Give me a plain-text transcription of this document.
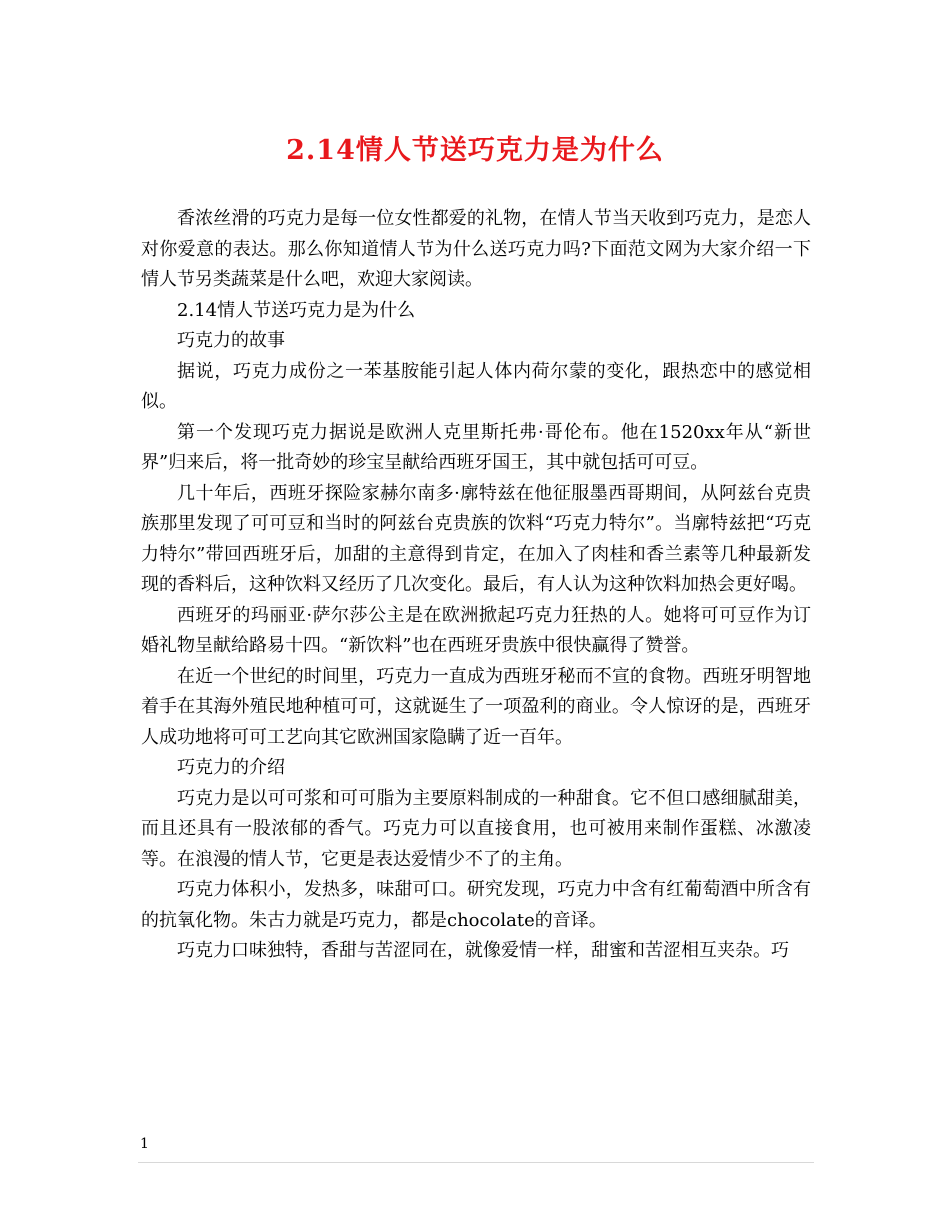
2.14情人节送巧克力是为什么

香浓丝滑的巧克力是每一位女性都爱的礼物，在情人节当天收到巧克力，是恋人对你爱意的表达。那么你知道情人节为什么送巧克力吗?下面范文网为大家介绍一下情人节另类蔬菜是什么吧，欢迎大家阅读。

2.14情人节送巧克力是为什么

巧克力的故事

据说，巧克力成份之一苯基胺能引起人体内荷尔蒙的变化，跟热恋中的感觉相似。

第一个发现巧克力据说是欧洲人克里斯托弗·哥伦布。他在1520xx年从“新世界”归来后，将一批奇妙的珍宝呈献给西班牙国王，其中就包括可可豆。

几十年后，西班牙探险家赫尔南多·廓特兹在他征服墨西哥期间，从阿兹台克贵族那里发现了可可豆和当时的阿兹台克贵族的饮料“巧克力特尔”。当廓特兹把“巧克力特尔”带回西班牙后，加甜的主意得到肯定，在加入了肉桂和香兰素等几种最新发现的香料后，这种饮料又经历了几次变化。最后，有人认为这种饮料加热会更好喝。

西班牙的玛丽亚·萨尔莎公主是在欧洲掀起巧克力狂热的人。她将可可豆作为订婚礼物呈献给路易十四。“新饮料”也在西班牙贵族中很快赢得了赞誉。

在近一个世纪的时间里，巧克力一直成为西班牙秘而不宣的食物。西班牙明智地着手在其海外殖民地种植可可，这就诞生了一项盈利的商业。令人惊讶的是，西班牙人成功地将可可工艺向其它欧洲国家隐瞒了近一百年。

巧克力的介绍

巧克力是以可可浆和可可脂为主要原料制成的一种甜食。它不但口感细腻甜美，而且还具有一股浓郁的香气。巧克力可以直接食用，也可被用来制作蛋糕、冰激凌等。在浪漫的情人节，它更是表达爱情少不了的主角。

巧克力体积小，发热多，味甜可口。研究发现，巧克力中含有红葡萄酒中所含有的抗氧化物。朱古力就是巧克力，都是chocolate的音译。

巧克力口味独特，香甜与苦涩同在，就像爱情一样，甜蜜和苦涩相互夹杂。巧

1
